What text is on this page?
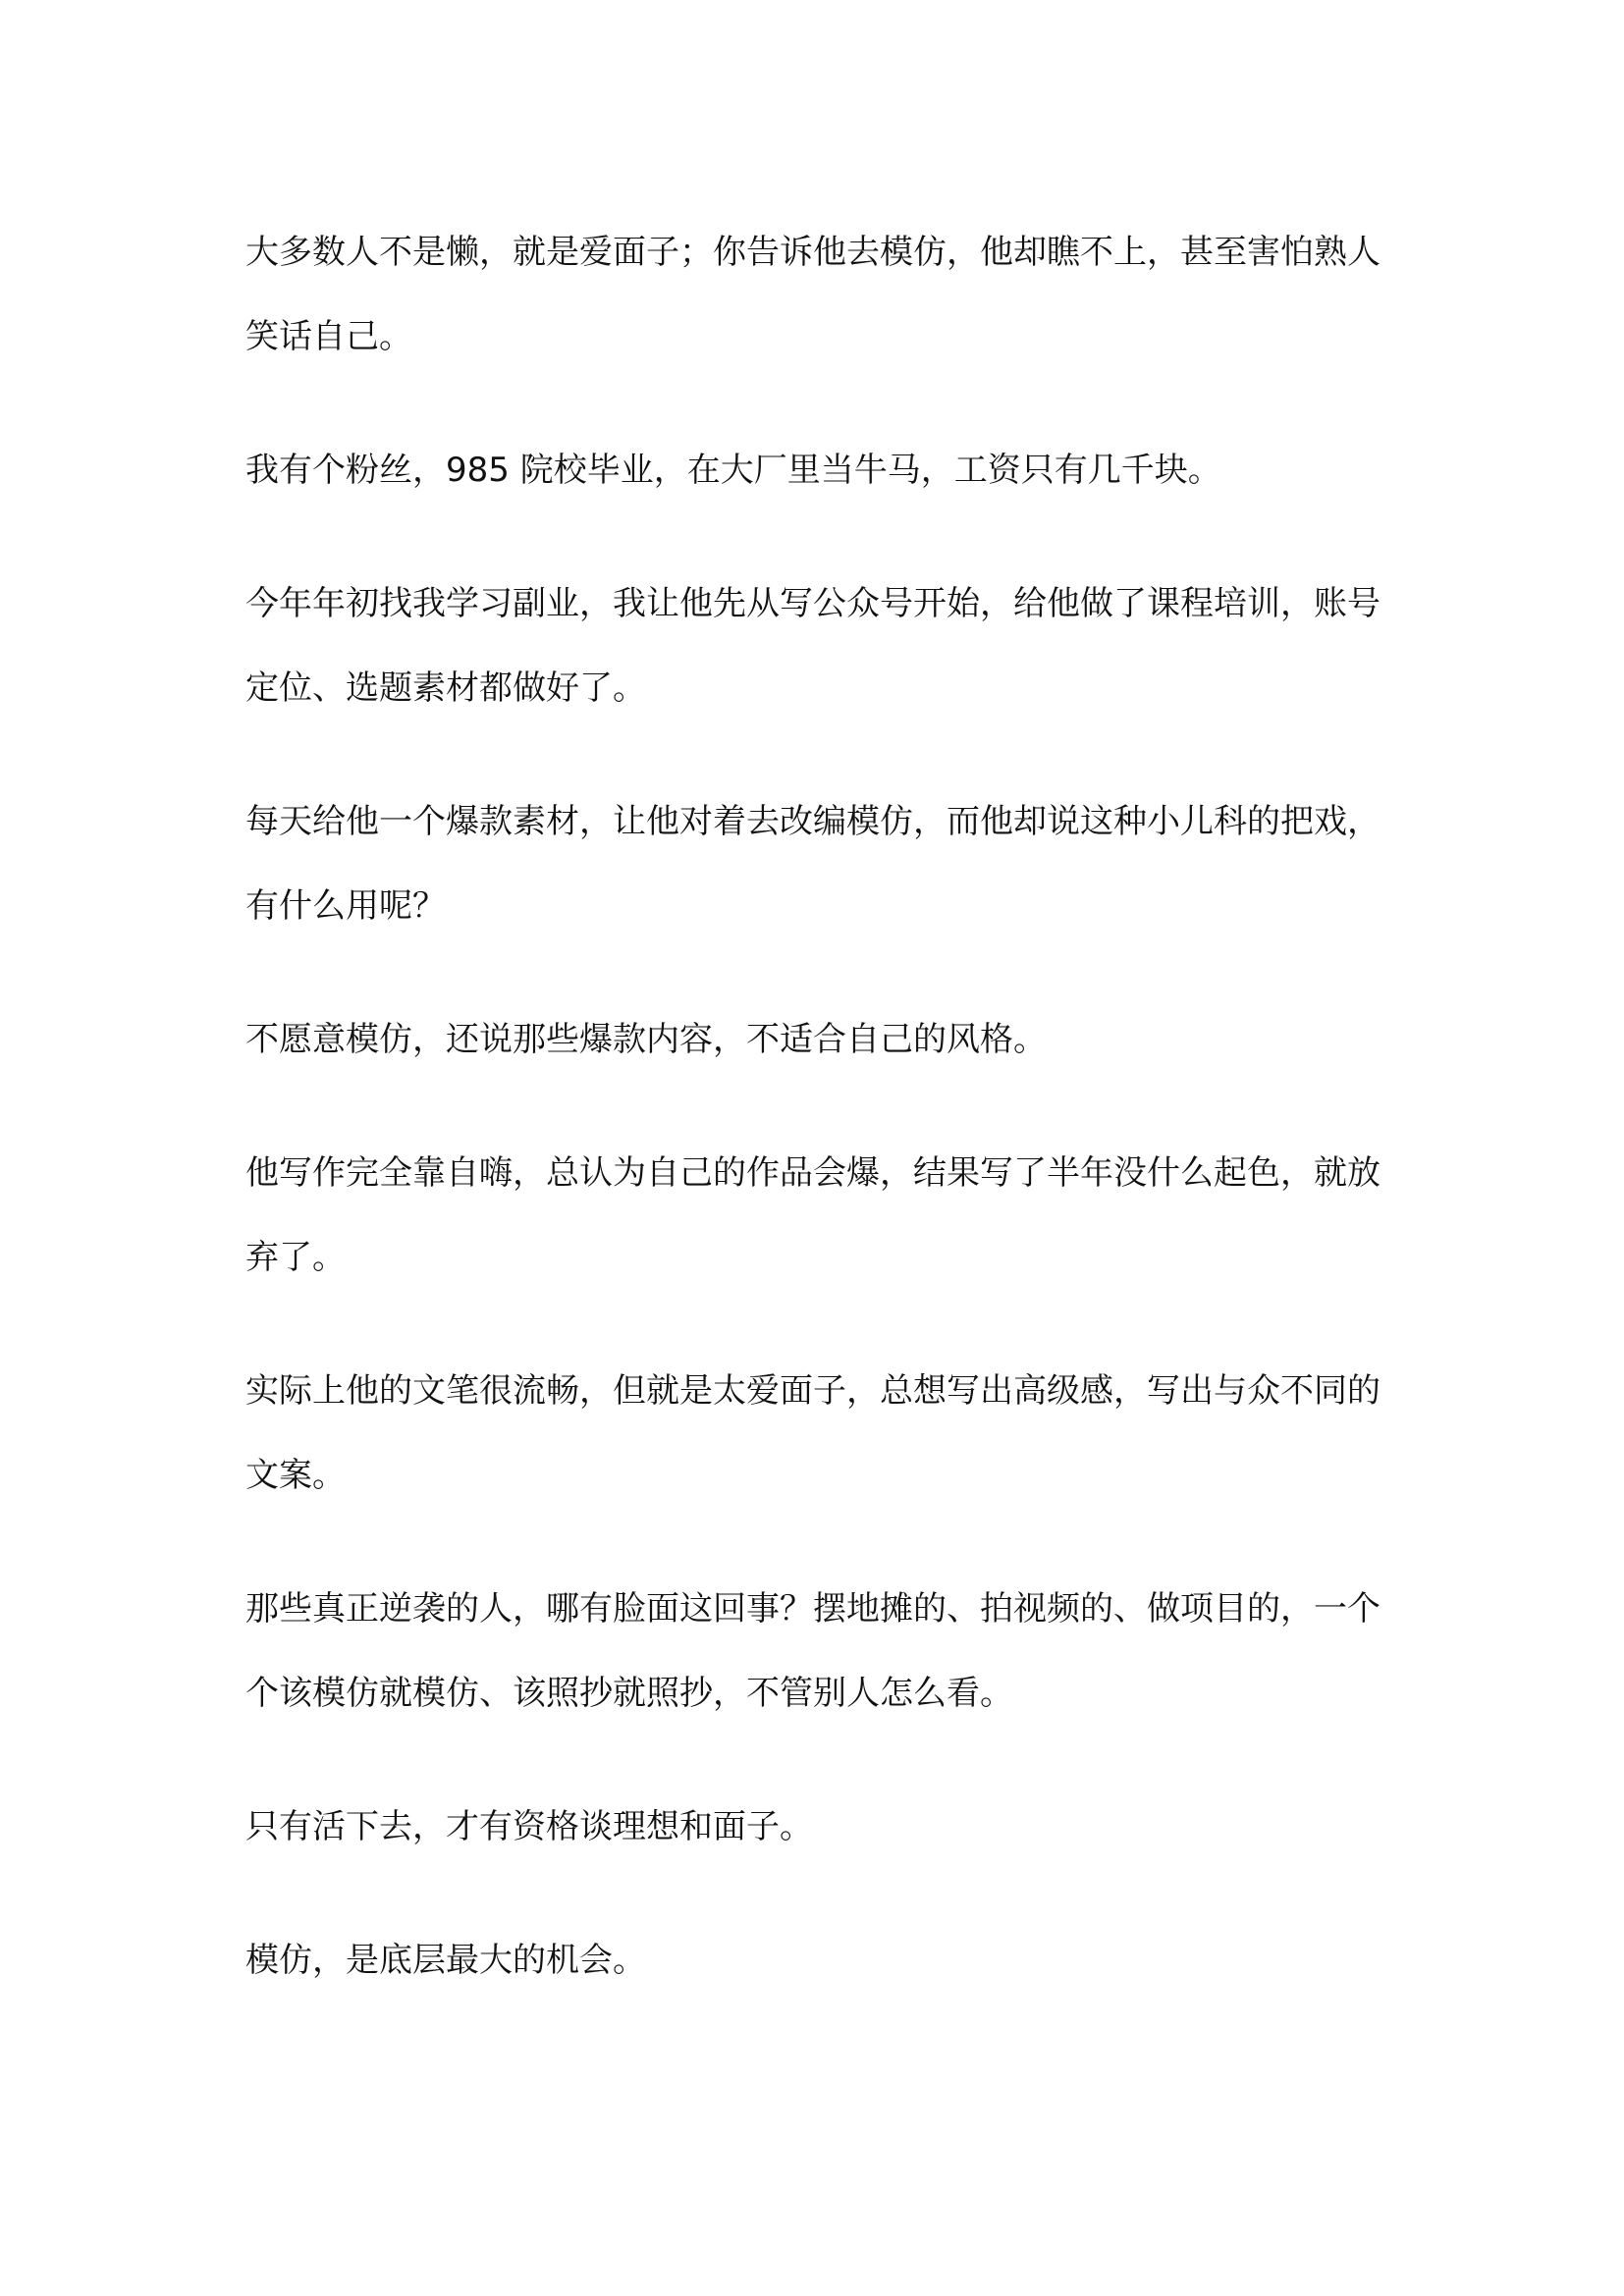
大多数人不是懒，就是爱面子；你告诉他去模仿，他却瞧不上，甚至害怕熟人笑话自己。

我有个粉丝，985 院校毕业，在大厂里当牛马，工资只有几千块。

今年年初找我学习副业，我让他先从写公众号开始，给他做了课程培训，账号定位、选题素材都做好了。

每天给他一个爆款素材，让他对着去改编模仿，而他却说这种小儿科的把戏，有什么用呢？

不愿意模仿，还说那些爆款内容，不适合自己的风格。

他写作完全靠自嗨，总认为自己的作品会爆，结果写了半年没什么起色，就放弃了。

实际上他的文笔很流畅，但就是太爱面子，总想写出高级感，写出与众不同的文案。

那些真正逆袭的人，哪有脸面这回事？摆地摊的、拍视频的、做项目的，一个个该模仿就模仿、该照抄就照抄，不管别人怎么看。

只有活下去，才有资格谈理想和面子。

模仿，是底层最大的机会。
